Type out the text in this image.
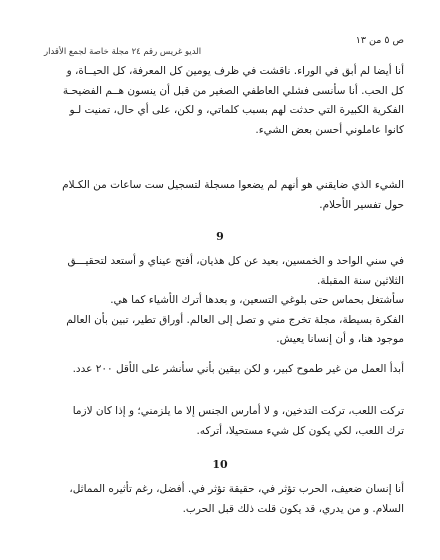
ص ٥ من ١٣
الديو غريس رقم ٢٤ مجلة خاصة لجمع الأقدار
أنا أيضا لم أبق في الوراء. ناقشت في ظرف يومين كل المعرفة، كل الحيــاة، و
كل الحب. أنا سأنسى فشلي العاطفي الصغير من قبل أن ينسون هــم الفضيحـة
الفكرية الكبيرة التي حدثت لهم بسبب كلماتي، و لكن، على أي حال، تمنيت لـو
كانوا عاملوني أحسن بعض الشيء.
الشيء الذي ضايقني هو أنهم لم يضعوا مسجلة لتسجيل ست ساعات من الكـلام
حول تفسير الأحلام.
9
في سني الواحد و الخمسين، بعيد عن كل هذيان، أفتح عيناي و أستعد لتحقيـــق
الثلاثين سنة المقبلة.
سأشتغل بحماس حتى بلوغي التسعين، و بعدها أترك الأشياء كما هي.
الفكرة بسيطة، مجلة تخرج مني و تصل إلى العالم. أوراق تطير، تبين بأن العالم
موجود هنا، و أن إنسانا يعيش.
أبدأ العمل من غير طموح كبير، و لكن بيقين بأني سأنشر على الأقل ٢٠٠ عدد.
تركت اللعب، تركت التدخين، و لا أمارس الجنس إلا ما يلزمني؛ و إذا كان لازما
ترك اللعب، لكي يكون كل شيء مستحيلا، أتركه.
10
أنا إنسان ضعيف، الحرب تؤثر في، حقيقة تؤثر في. أفضل، رغم تأثيره المماثل،
السلام. و من يدري، قد يكون قلت ذلك قبل الحرب.
